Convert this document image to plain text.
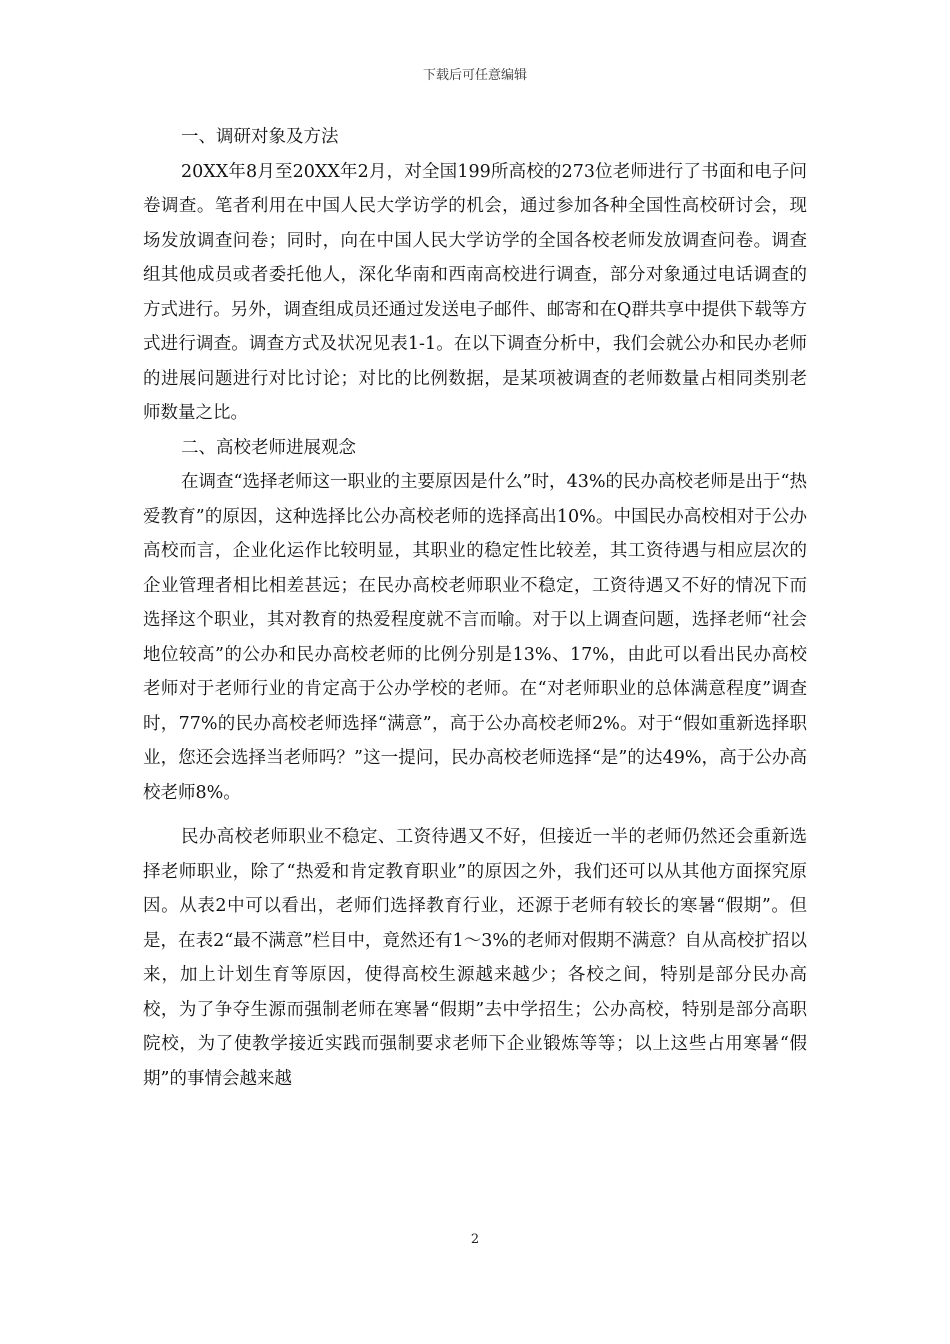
下载后可任意编辑

一、调研对象及方法

20XX年8月至20XX年2月，对全国199所高校的273位老师进行了书面和电子问卷调查。笔者利用在中国人民大学访学的机会，通过参加各种全国性高校研讨会，现场发放调查问卷；同时，向在中国人民大学访学的全国各校老师发放调查问卷。调查组其他成员或者委托他人，深化华南和西南高校进行调查，部分对象通过电话调查的方式进行。另外，调查组成员还通过发送电子邮件、邮寄和在Q群共享中提供下载等方式进行调查。调查方式及状况见表1-1。在以下调查分析中，我们会就公办和民办老师的进展问题进行对比讨论；对比的比例数据，是某项被调查的老师数量占相同类别老师数量之比。

二、高校老师进展观念

在调查“选择老师这一职业的主要原因是什么”时，43%的民办高校老师是出于“热爱教育”的原因，这种选择比公办高校老师的选择高出10%。中国民办高校相对于公办高校而言，企业化运作比较明显，其职业的稳定性比较差，其工资待遇与相应层次的企业管理者相比相差甚远；在民办高校老师职业不稳定，工资待遇又不好的情况下而选择这个职业，其对教育的热爱程度就不言而喻。对于以上调查问题，选择老师“社会地位较高”的公办和民办高校老师的比例分别是13%、17%，由此可以看出民办高校老师对于老师行业的肯定高于公办学校的老师。在“对老师职业的总体满意程度”调查时，77%的民办高校老师选择“满意”，高于公办高校老师2%。对于“假如重新选择职业，您还会选择当老师吗？”这一提问，民办高校老师选择“是”的达49%，高于公办高校老师8%。

民办高校老师职业不稳定、工资待遇又不好，但接近一半的老师仍然还会重新选择老师职业，除了“热爱和肯定教育职业”的原因之外，我们还可以从其他方面探究原因。从表2中可以看出，老师们选择教育行业，还源于老师有较长的寒暑“假期”。但是，在表2“最不满意”栏目中，竟然还有1～3%的老师对假期不满意？自从高校扩招以来，加上计划生育等原因，使得高校生源越来越少；各校之间，特别是部分民办高校，为了争夺生源而强制老师在寒暑“假期”去中学招生；公办高校，特别是部分高职院校，为了使教学接近实践而强制要求老师下企业锻炼等等；以上这些占用寒暑“假期”的事情会越来越

2
